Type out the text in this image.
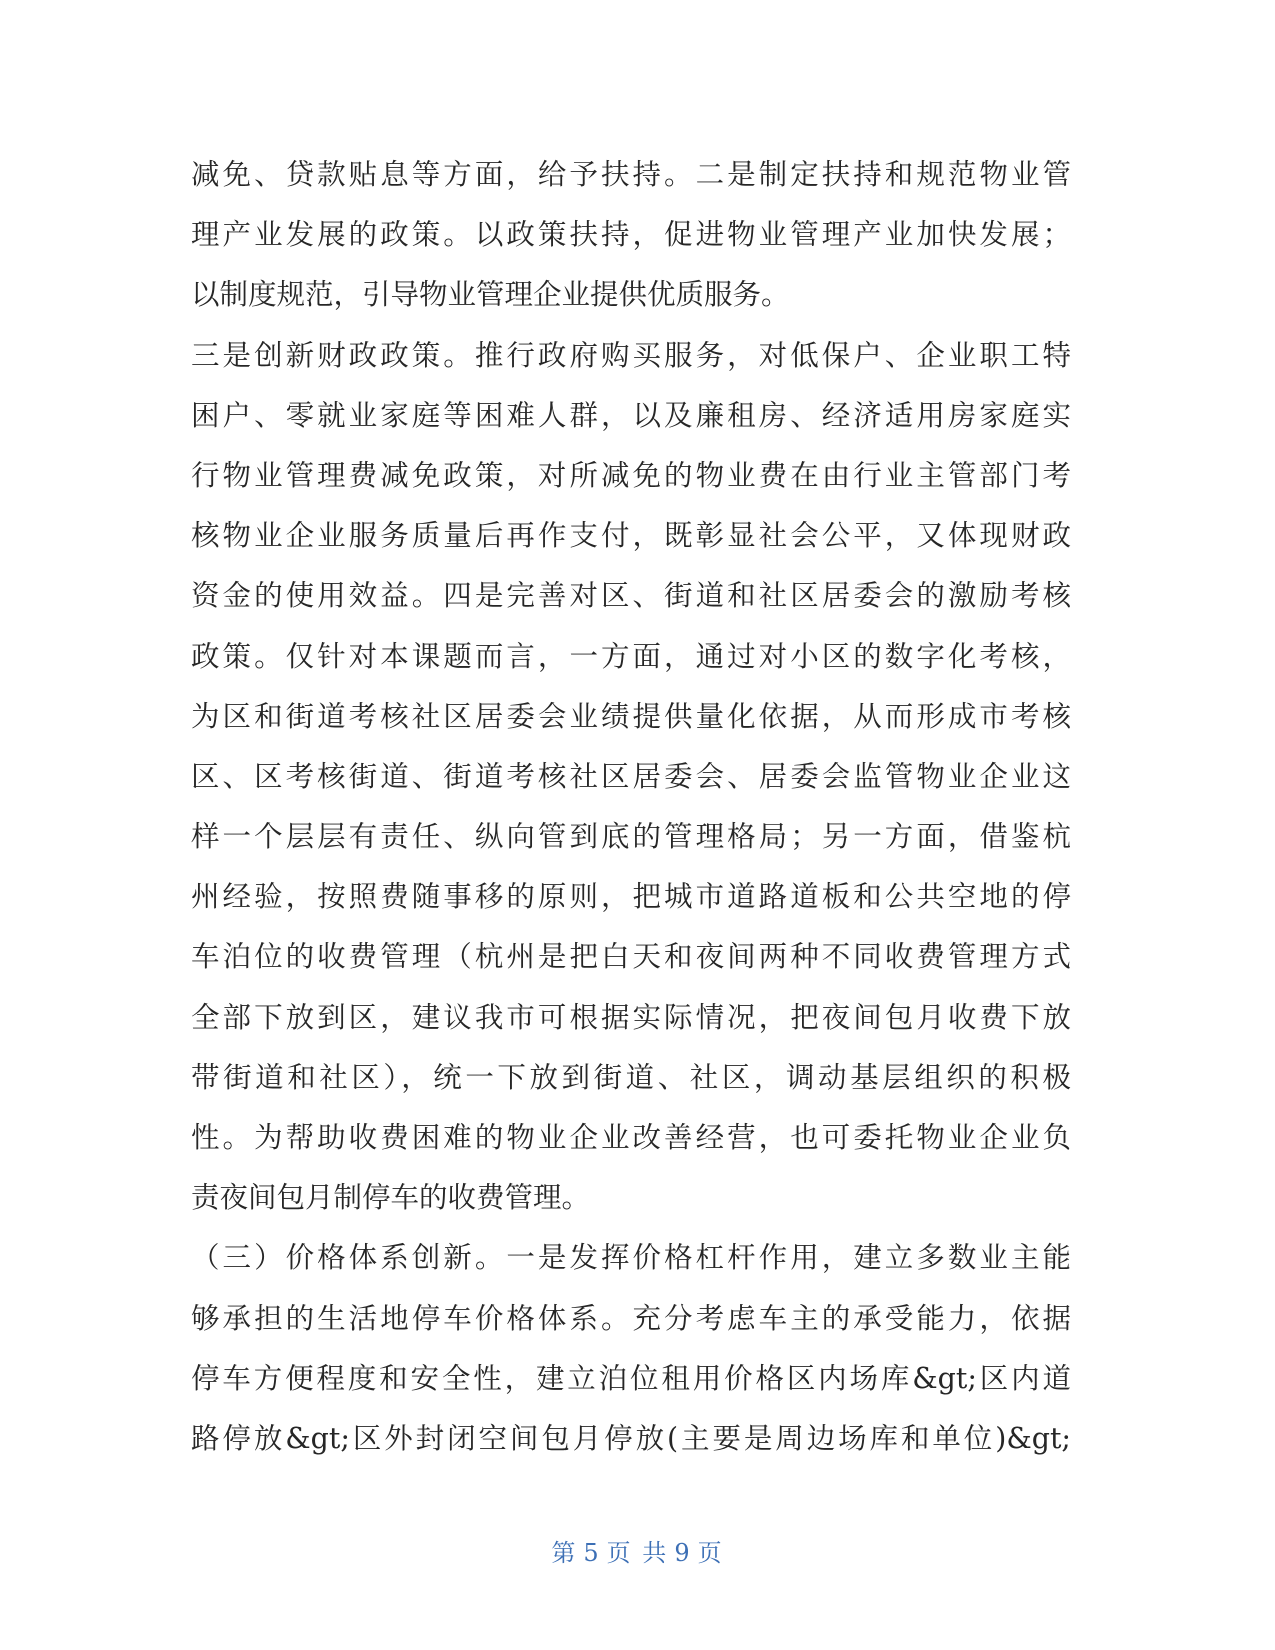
减免、贷款贴息等方面，给予扶持。二是制定扶持和规范物业管
理产业发展的政策。以政策扶持，促进物业管理产业加快发展；
以制度规范，引导物业管理企业提供优质服务。
三是创新财政政策。推行政府购买服务，对低保户、企业职工特
困户、零就业家庭等困难人群，以及廉租房、经济适用房家庭实
行物业管理费减免政策，对所减免的物业费在由行业主管部门考
核物业企业服务质量后再作支付，既彰显社会公平，又体现财政
资金的使用效益。四是完善对区、街道和社区居委会的激励考核
政策。仅针对本课题而言，一方面，通过对小区的数字化考核，
为区和街道考核社区居委会业绩提供量化依据，从而形成市考核
区、区考核街道、街道考核社区居委会、居委会监管物业企业这
样一个层层有责任、纵向管到底的管理格局；另一方面，借鉴杭
州经验，按照费随事移的原则，把城市道路道板和公共空地的停
车泊位的收费管理（杭州是把白天和夜间两种不同收费管理方式
全部下放到区，建议我市可根据实际情况，把夜间包月收费下放
带街道和社区），统一下放到街道、社区，调动基层组织的积极
性。为帮助收费困难的物业企业改善经营，也可委托物业企业负
责夜间包月制停车的收费管理。
（三）价格体系创新。一是发挥价格杠杆作用，建立多数业主能
够承担的生活地停车价格体系。充分考虑车主的承受能力，依据
停车方便程度和安全性，建立泊位租用价格区内场库&gt;区内道
路停放&gt;区外封闭空间包月停放(主要是周边场库和单位)&gt;
第 5 页 共 9 页
